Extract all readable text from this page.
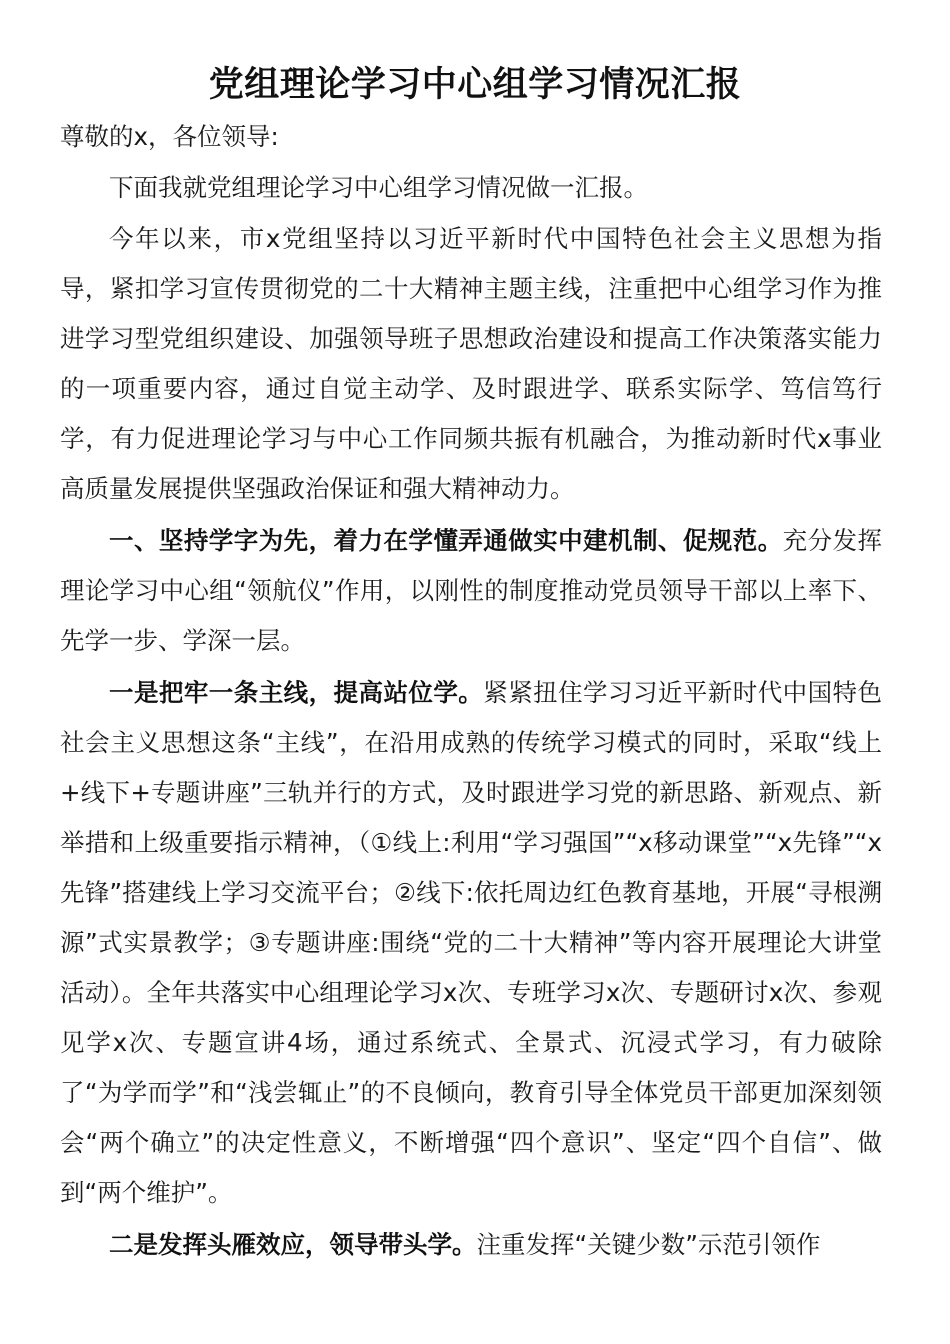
党组理论学习中心组学习情况汇报

尊敬的x，各位领导:

下面我就党组理论学习中心组学习情况做一汇报。

今年以来，市x党组坚持以习近平新时代中国特色社会主义思想为指导，紧扣学习宣传贯彻党的二十大精神主题主线，注重把中心组学习作为推进学习型党组织建设、加强领导班子思想政治建设和提高工作决策落实能力的一项重要内容，通过自觉主动学、及时跟进学、联系实际学、笃信笃行学，有力促进理论学习与中心工作同频共振有机融合，为推动新时代x事业高质量发展提供坚强政治保证和强大精神动力。

一、坚持学字为先，着力在学懂弄通做实中建机制、促规范。充分发挥理论学习中心组“领航仪”作用，以刚性的制度推动党员领导干部以上率下、先学一步、学深一层。

一是把牢一条主线，提高站位学。紧紧扭住学习习近平新时代中国特色社会主义思想这条“主线”，在沿用成熟的传统学习模式的同时，采取“线上+线下+专题讲座”三轨并行的方式，及时跟进学习党的新思路、新观点、新举措和上级重要指示精神，（①线上:利用“学习强国”“x移动课堂”“x先锋”“x先锋”搭建线上学习交流平台；②线下:依托周边红色教育基地，开展“寻根溯源”式实景教学；③专题讲座:围绕“党的二十大精神”等内容开展理论大讲堂活动）。全年共落实中心组理论学习x次、专班学习x次、专题研讨x次、参观见学x次、专题宣讲4场，通过系统式、全景式、沉浸式学习，有力破除了“为学而学”和“浅尝辄止”的不良倾向，教育引导全体党员干部更加深刻领会“两个确立”的决定性意义，不断增强“四个意识”、坚定“四个自信”、做到“两个维护”。

二是发挥头雁效应，领导带头学。注重发挥“关键少数”示范引领作
